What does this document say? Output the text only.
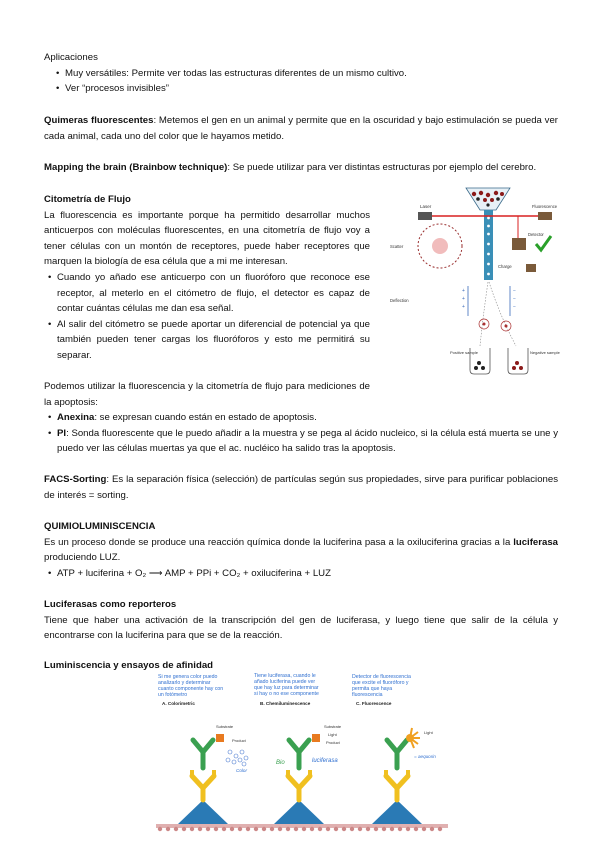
Aplicaciones

• Muy versátiles: Permite ver todas las estructuras diferentes de un mismo cultivo.
• Ver “procesos invisibles”

Quimeras fluorescentes: Metemos el gen en un animal y permite que en la oscuridad y bajo estimulación se pueda ver cada animal, cada uno del color que le hayamos metido.

Mapping the brain (Brainbow technique): Se puede utilizar para ver distintas estructuras por ejemplo del cerebro.

Citometría de Flujo

La fluorescencia es importante porque ha permitido desarrollar muchos anticuerpos con moléculas fluorescentes, en una citometría de flujo voy a tener células con un montón de receptores, puede haber receptores que marquen la biología de esa célula que a mi me interesan.

• Cuando yo añado ese anticuerpo con un fluoróforo que reconoce ese receptor, al meterlo en el citómetro de flujo, el detector es capaz de contar cuántas células me dan esa señal.
• Al salir del citómetro se puede aportar un diferencial de potencial ya que también pueden tener cargas los fluoróforos y esto me permitirá su separar.
Laser	Fluorescence
Detector
Charge
Scatter
+
+
+
−
−
−
Deflection
Positive sample	Negative sample

Podemos utilizar la fluorescencia y la citometría de flujo para mediciones de la apoptosis:

• Anexina: se expresan cuando están en estado de apoptosis.
• PI: Sonda fluorescente que le puedo añadir a la muestra y se pega al ácido nucleico, si la célula está muerta se une y puedo ver las células muertas ya que el ac. nucléico ha salido tras la apoptosis.

FACS-Sorting: Es la separación física (selección) de partículas según sus propiedades, sirve para purificar poblaciones de interés = sorting.

QUIMIOLUMINISCENCIA

Es un proceso donde se produce una reacción química donde la luciferina pasa a la oxiluciferina gracias a la luciferasa produciendo LUZ.

• ATP + luciferina + O₂ ⟶ AMP + PPi + CO₂ + oxiluciferina + LUZ

Luciferasas como reporteros

Tiene que haber una activación de la transcripción del gen de luciferasa, y luego tiene que salir de la célula y encontrarse con la luciferina para que se de la reacción.

Luminiscencia y ensayos de afinidad

Si me genera color puedo analizarlo y determinar cuanto componente hay con un fotómetro
Tiene luciferasa, cuando le añado luciferina puede ver que hay luz para determinar si hay o no ese componente
Detector de fluorescencia que excite el fluoróforo y permita que haya fluorescencia
A. Colorimetric	B. Chemiluminescence	C. Fluorescence
Substrate
Product
Color
Substrate
Light
Product
luciferasa
Bio
Light
= aequorin
